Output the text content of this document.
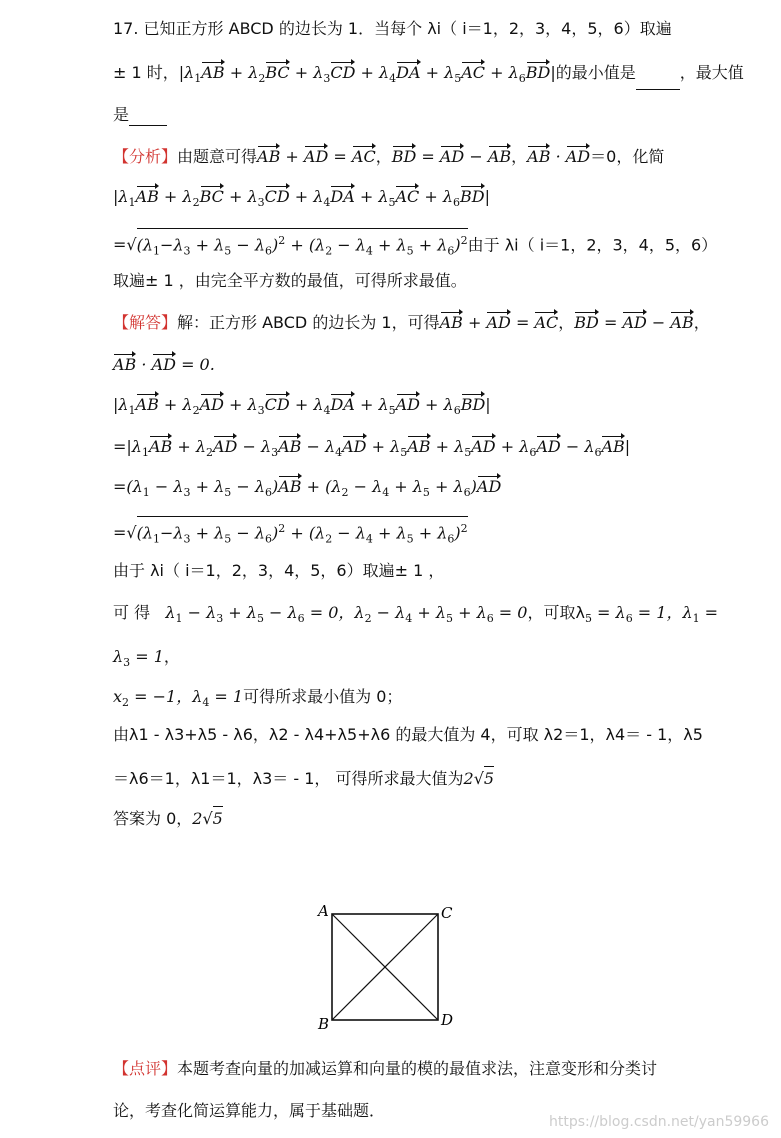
17. 已知正方形 ABCD 的边长为 1．当每个 λi（ i＝1，2，3，4，5，6）取遍
± 1 时，$|\lambda_1AB + \lambda_2BC + \lambda_3CD + \lambda_4DA + \lambda_5AC + \lambda_6BD|$的最小值是	，最大值
是
【分析】由题意可得AB + AD = AC，BD = AD − AB，AB · AD＝0，化简
$|\lambda_1AB + \lambda_2BC + \lambda_3CD + \lambda_4DA + \lambda_5AC + \lambda_6BD|$
$=√(\lambda_1-\lambda_3 + \lambda_5 - \lambda_6)^2 + (\lambda_2 - \lambda_4 + \lambda_5 + \lambda_6)^2$由于 λi（ i＝1，2，3，4，5，6）
取遍± 1 ，由完全平方数的最值，可得所求最值。
【解答】解：正方形 ABCD 的边长为 1，可得AB + AD = AC，BD = AD − AB，
AB · AD = 0.
$|\lambda_1AB + \lambda_2AD + \lambda_3CD + \lambda_4DA + \lambda_5AD + \lambda_6BD|$
$=|\lambda_1AB + \lambda_2AD - \lambda_3AB - \lambda_4AD + \lambda_5AB + \lambda_5AD + \lambda_6AD - \lambda_6AB|$
$=(\lambda_1 - \lambda_3 + \lambda_5 - \lambda_6)AB + (\lambda_2 - \lambda_4 + \lambda_5 + \lambda_6)AD$
$=√(\lambda_1-\lambda_3 + \lambda_5 - \lambda_6)^2 + (\lambda_2 - \lambda_4 + \lambda_5 + \lambda_6)^2$
由于 λi（ i＝1，2，3，4，5，6）取遍± 1 ，
可 得 $\lambda_1 - \lambda_3 + \lambda_5 - \lambda_6 = 0$，$\lambda_2 - \lambda_4 + \lambda_5 + \lambda_6 = 0$，可取$\lambda_5 = \lambda_6 = 1$，$\lambda_1$ =
$\lambda_3 = 1$，
$x_2 = -1$，$\lambda_4 = 1$可得所求最小值为 0；
由λ1 - λ3+λ5 - λ6，λ2 - λ4+λ5+λ6 的最大值为 4，可取 λ2＝1，λ4＝ - 1，λ5
＝λ6＝1，λ1＝1，λ3＝ - 1， 可得所求最大值为2√5
答案为 0，2√5
A	C
B	D
【点评】本题考查向量的加减运算和向量的模的最值求法，注意变形和分类讨
论，考查化简运算能力，属于基础题．
https://blog.csdn.net/yan59966
